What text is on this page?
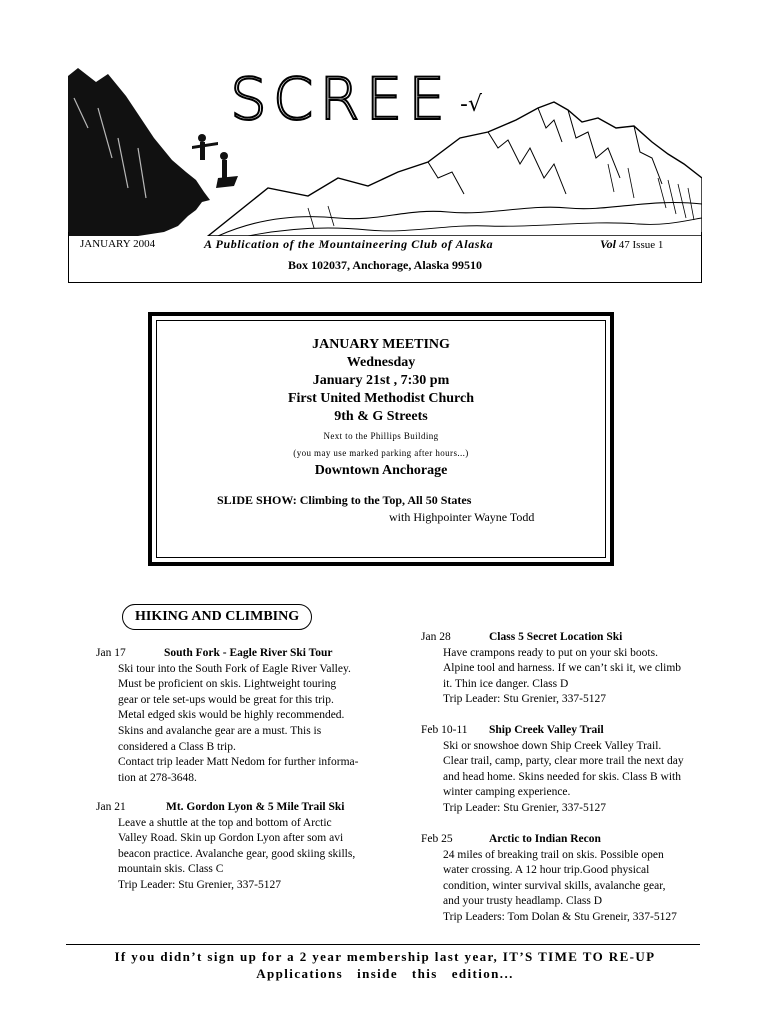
SCREE -√
JANUARY 2004	A Publication of the Mountaineering Club of Alaska	Vol 47 Issue 1
Box 102037, Anchorage, Alaska 99510
JANUARY MEETING
Wednesday
January 21st , 7:30 pm
First United Methodist Church
9th & G Streets
Next to the Phillips Building
(you may use marked parking after hours...)
Downtown Anchorage
SLIDE SHOW: Climbing to the Top, All 50 States
with Highpointer Wayne Todd
HIKING AND CLIMBING
Jan 17	South Fork - Eagle River Ski Tour
Ski tour into the South Fork of Eagle River Valley.
Must be proficient on skis. Lightweight touring
gear or tele set-ups would be great for this trip.
Metal edged skis would be highly recommended.
Skins and avalanche gear are a must. This is
considered a Class B trip.
Contact trip leader Matt Nedom for further informa-
tion at 278-3648.
Jan 21	Mt. Gordon Lyon & 5 Mile Trail Ski
Leave a shuttle at the top and bottom of Arctic
Valley Road. Skin up Gordon Lyon after som avi
beacon practice. Avalanche gear, good skiing skills,
mountain skis. Class C
Trip Leader: Stu Grenier, 337-5127
Jan 28	Class 5 Secret Location Ski
Have crampons ready to put on your ski boots.
Alpine tool and harness. If we can’t ski it, we climb
it. Thin ice danger. Class D
Trip Leader: Stu Grenier, 337-5127
Feb 10-11 Ship Creek Valley Trail
Ski or snowshoe down Ship Creek Valley Trail.
Clear trail, camp, party, clear more trail the next day
and head home. Skins needed for skis. Class B with
winter camping experience.
Trip Leader: Stu Grenier, 337-5127
Feb 25	Arctic to Indian Recon
24 miles of breaking trail on skis. Possible open
water crossing. A 12 hour trip.Good physical
condition, winter survival skills, avalanche gear,
and your trusty headlamp. Class D
Trip Leaders: Tom Dolan & Stu Greneir, 337-5127
If you didn’t sign up for a 2 year membership last year, IT’S TIME TO RE-UP
Applications   inside   this   edition...
